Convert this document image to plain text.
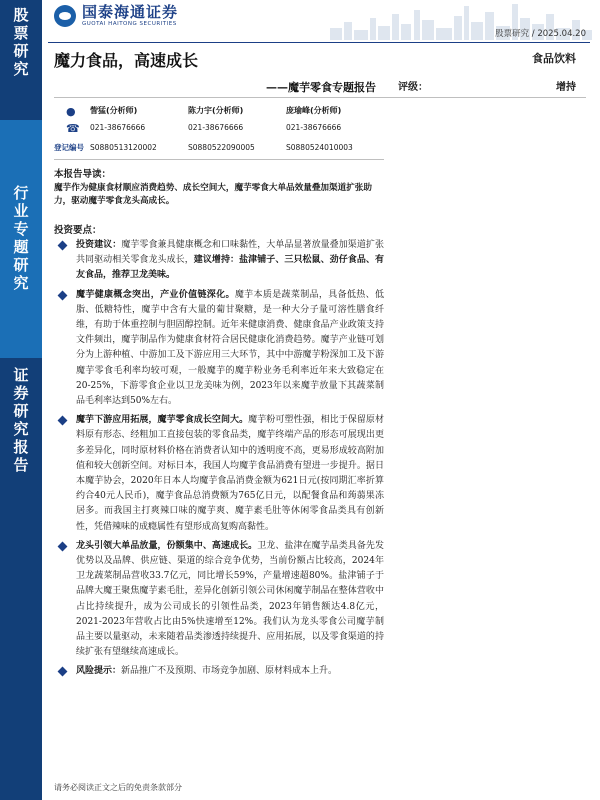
股票研究
行业专题研究
证券研究报告
国泰海通证券
GUOTAI HAITONG SECURITIES
股票研究 / 2025.04.20
魔力食品，高速成长
——魔芋零食专题报告
食品饮料
评级：	增持
●
☎
登记编号
訾猛(分析师)
021-38676666
S0880513120002
陈力宇(分析师)
021-38676666
S0880522090005
庞瑜峰(分析师)
021-38676666
S0880524010003
本报告导读：
魔芋作为健康食材顺应消费趋势、成长空间大，魔芋零食大单品效量叠加渠道扩张助力，驱动魔芋零食龙头高成长。
投资要点：
投资建议：魔芋零食兼具健康概念和口味黏性，大单品显著放量叠加渠道扩张共同驱动相关零食龙头成长，建议增持：盐津铺子、三只松鼠、劲仔食品、有友食品，推荐卫龙美味。
魔芋健康概念突出，产业价值链深化。魔芋本质是蔬菜制品，具备低热、低脂、低糖特性，魔芋中含有大量的葡甘聚糖，是一种大分子量可溶性膳食纤维，有助于体重控制与胆固醇控制。近年来健康消费、健康食品产业政策支持文件频出，魔芋制品作为健康食材符合居民健康化消费趋势。魔芋产业链可划分为上游种植、中游加工及下游应用三大环节，其中中游魔芋粉深加工及下游魔芋零食毛利率均较可观，一般魔芋的魔芋粉业务毛利率近年来大致稳定在20-25%，下游零食企业以卫龙美味为例，2023年以来魔芋放量下其蔬菜制品毛利率达到50%左右。
魔芋下游应用拓展，魔芋零食成长空间大。魔芋粉可塑性强，相比于保留原材料原有形态、经粗加工直接包装的零食品类，魔芋终端产品的形态可展现出更多差异化，同时原材料价格在消费者认知中的透明度不高，更易形成较高附加值和较大创新空间。对标日本，我国人均魔芋食品消费有望进一步提升。据日本魔芋协会，2020年日本人均魔芋食品消费金额为621日元(按同期汇率折算约合40元人民币)，魔芋食品总消费额为765亿日元，以配餐食品和蒟蒻果冻居多。而我国主打爽辣口味的魔芋爽、魔芋素毛肚等休闲零食品类具有创新性，凭借辣味的成瘾属性有望形成高复购高黏性。
龙头引领大单品放量，份额集中、高速成长。卫龙、盐津在魔芋品类具备先发优势以及品牌、供应链、渠道的综合竞争优势，当前份额占比较高，2024年卫龙蔬菜制品营收33.7亿元，同比增长59%，产量增速超80%。盐津铺子于品牌大魔王聚焦魔芋素毛肚，差异化创新引领公司休闲魔芋制品在整体营收中占比持续提升，成为公司成长的引领性品类，2023年销售额达4.8亿元，2021-2023年营收占比由5%快速增至12%。我们认为龙头零食公司魔芋制品主要以量驱动，未来随着品类渗透持续提升、应用拓展，以及零食渠道的持续扩张有望继续高速成长。
风险提示：新品推广不及预期、市场竞争加剧、原材料成本上升。
请务必阅读正文之后的免责条款部分
